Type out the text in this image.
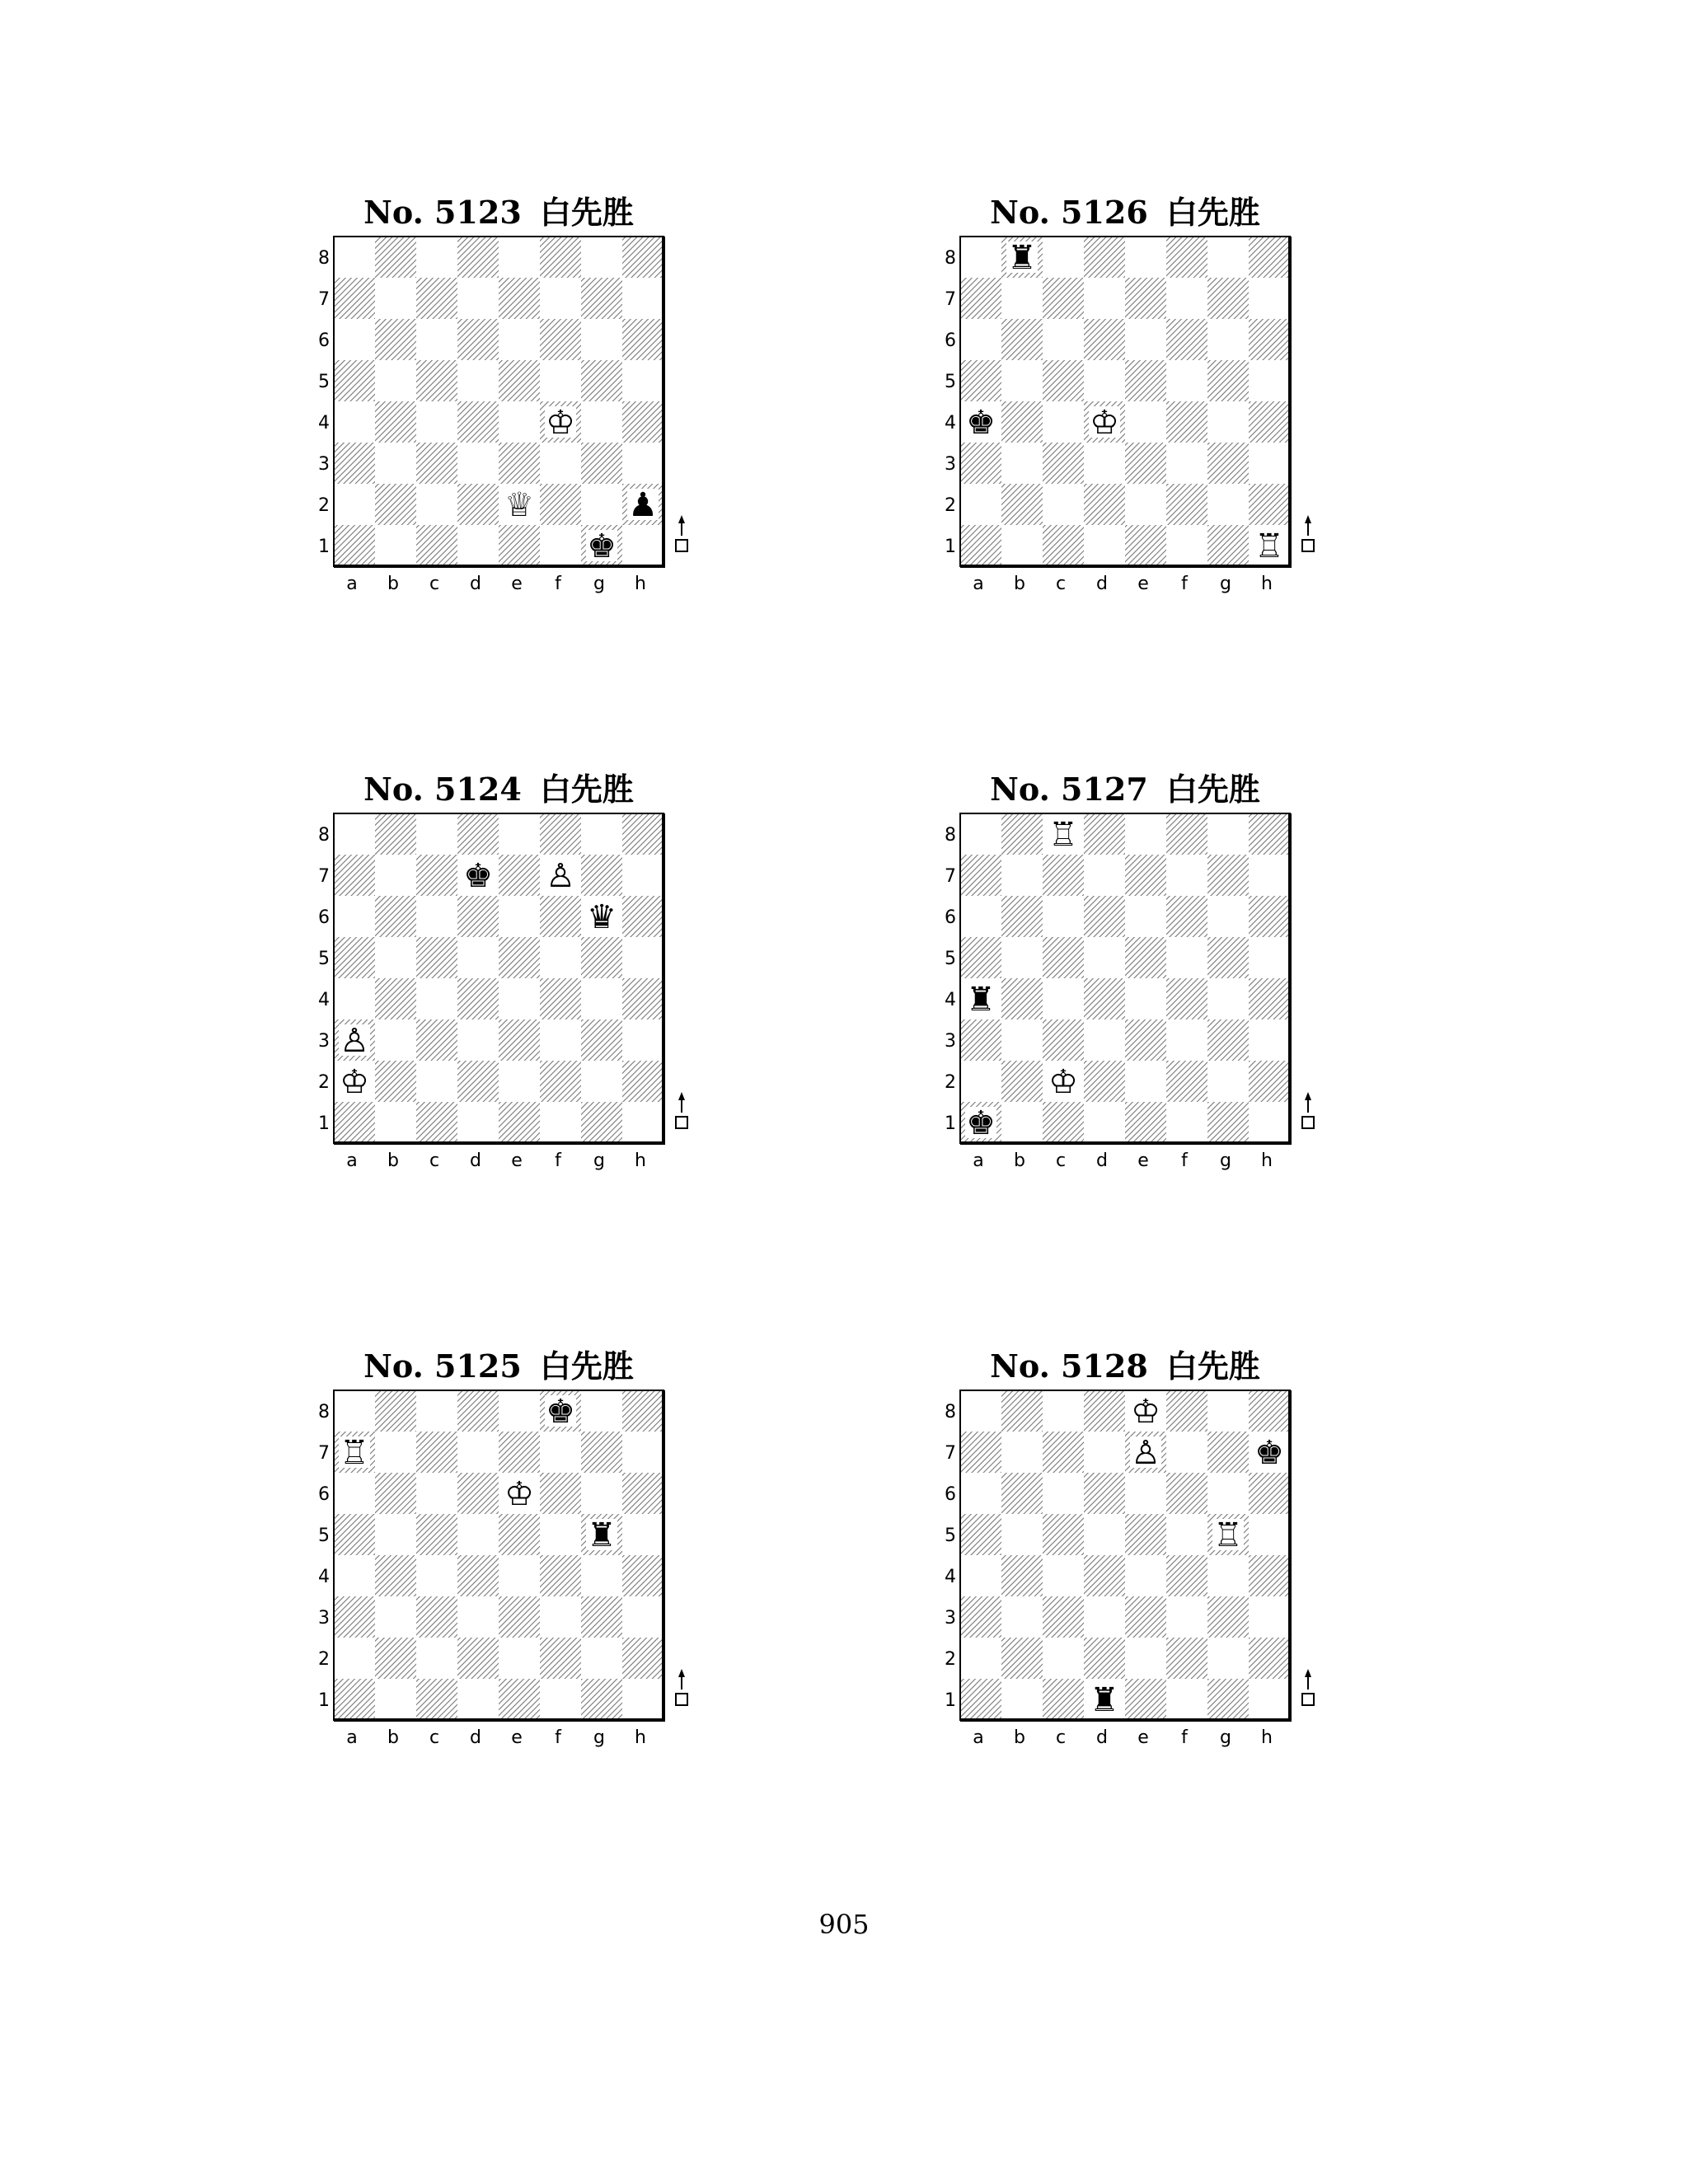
No. 5123 白先胜
♔
♕
♚
♟
8
7
6
5
4
3
2
1
a b c d e f g h
No. 5126 白先胜
♜
♚	♔
♖
8
7
6
5
4
3
2
1
a b c d e f g h
No. 5124 白先胜
♚ ♙
♛
♙
♔
8
7
6
5
4
3
2
1
a b c d e f g h
No. 5127 白先胜
♖
♜
♔
♚
8
7
6
5
4
3
2
1
a b c d e f g h
No. 5125 白先胜
♚
♖
♔
♜
8
7
6
5
4
3
2
1
a b c d e f g h
No. 5128 白先胜
♔
♙	♚
♖
♜
8
7
6
5
4
3
2
1
a b c d e f g h
905
